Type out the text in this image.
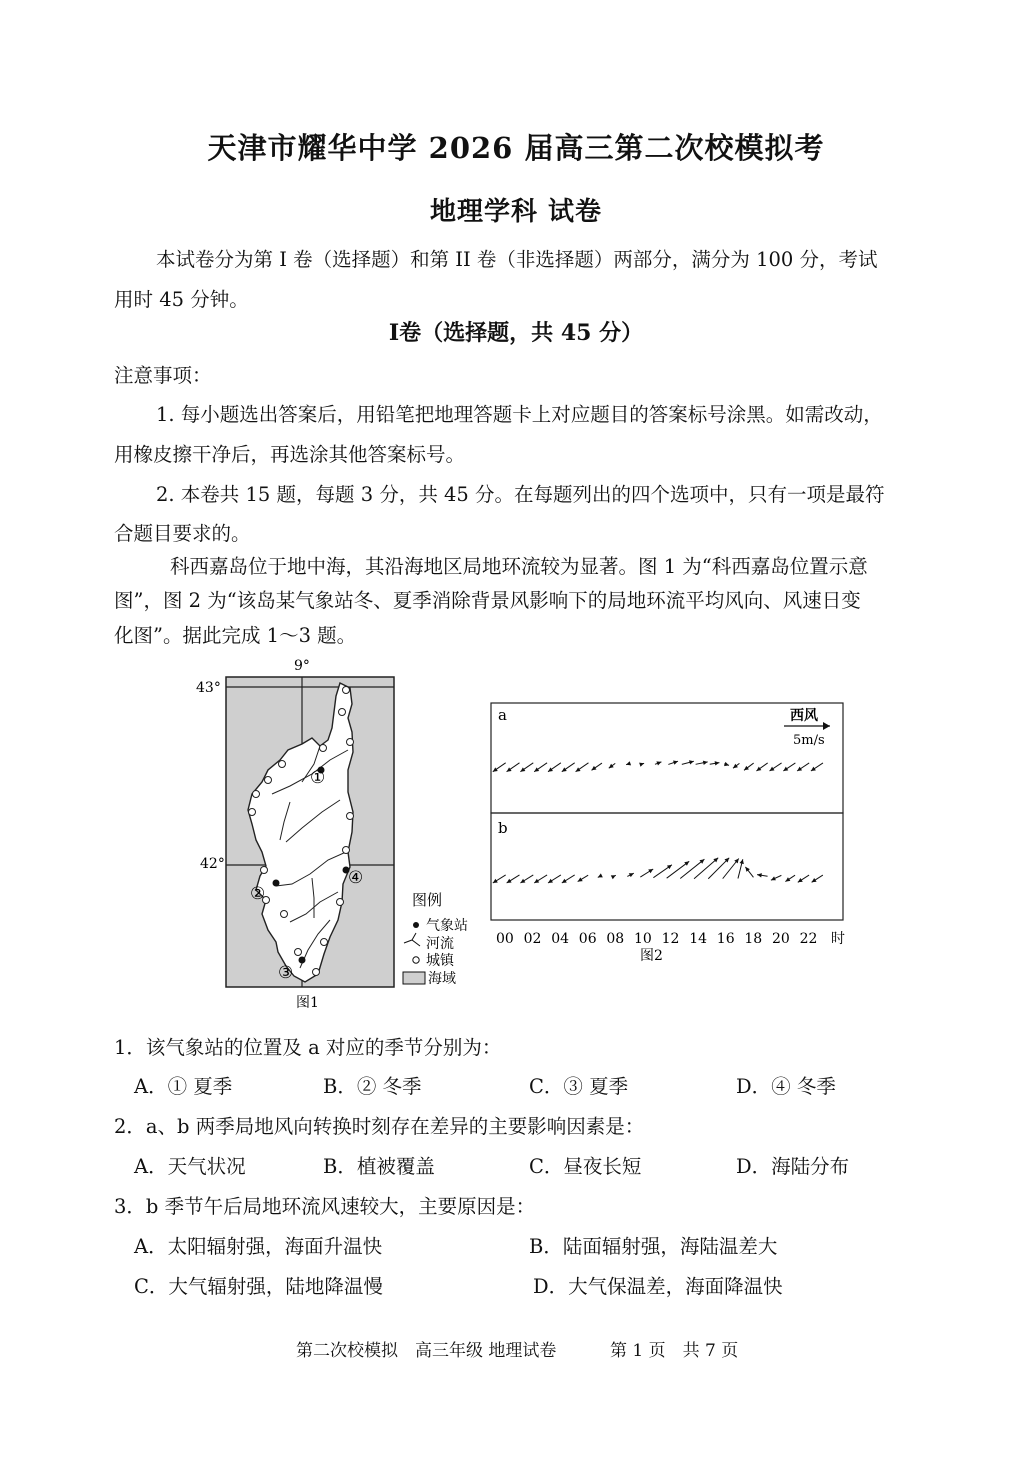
天津市耀华中学 2026 届高三第二次校模拟考
地理学科 试卷
本试卷分为第 I 卷（选择题）和第 II 卷（非选择题）两部分，满分为 100 分，考试
用时 45 分钟。
Ⅰ卷（选择题，共 45 分）
注意事项：
1. 每小题选出答案后，用铅笔把地理答题卡上对应题目的答案标号涂黑。如需改动，
用橡皮擦干净后，再选涂其他答案标号。
2. 本卷共 15 题，每题 3 分，共 45 分。在每题列出的四个选项中，只有一项是最符
合题目要求的。
科西嘉岛位于地中海，其沿海地区局地环流较为显著。图 1 为“科西嘉岛位置示意
图”，图 2 为“该岛某气象站冬、夏季消除背景风影响下的局地环流平均风向、风速日变
化图”。据此完成 1～3 题。
①
②
③
④
9°
43°
42°
图1
图例
气象站
河流
城镇
海域
a
b
西风
5m/s
00 02 04 06 08 10 12 14 16 18 20 22 时
图2
1．该气象站的位置及 a 对应的季节分别为：
A．① 夏季	B．② 冬季	C．③ 夏季	D．④ 冬季
2．a、b 两季局地风向转换时刻存在差异的主要影响因素是：
A．天气状况	B．植被覆盖	C．昼夜长短	D．海陆分布
3．b 季节午后局地环流风速较大，主要原因是：
A．太阳辐射强，海面升温快	B．陆面辐射强，海陆温差大
C．大气辐射强，陆地降温慢	D．大气保温差，海面降温快
第二次校模拟　高三年级 地理试卷	第 1 页　共 7 页
